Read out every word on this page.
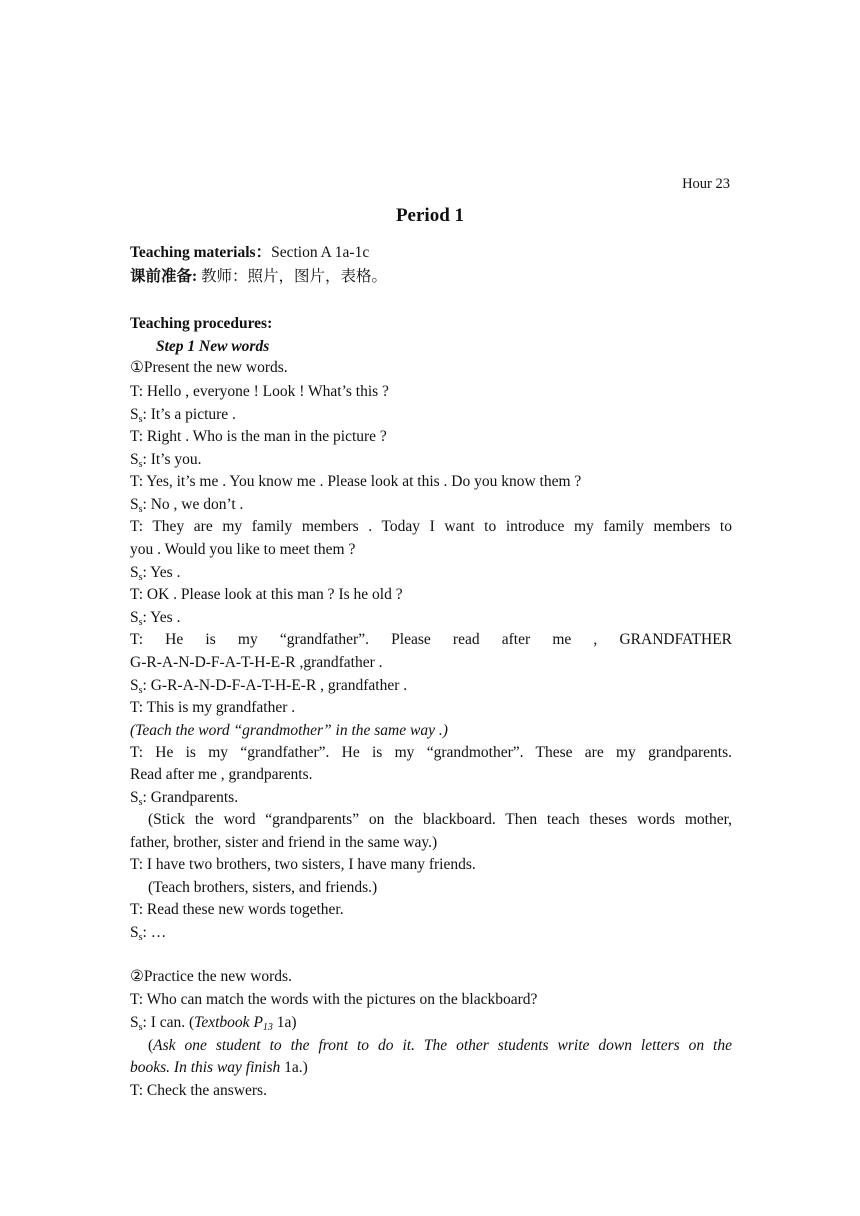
Hour 23
Period 1
Teaching materials：Section A 1a-1c
课前准备: 教师：照片，图片，表格。
Teaching procedures:
Step 1 New words
①Present the new words.
T: Hello , everyone ! Look ! What’s this ?
$S_s$: It’s a picture .
T: Right . Who is the man in the picture ?
$S_s$: It’s you.
T: Yes, it’s me . You know me . Please look at this . Do you know them ?
$S_s$: No , we don’t .
T: They are my family members . Today I want to introduce my family members to
you . Would you like to meet them ?
$S_s$: Yes .
T: OK . Please look at this man ? Is he old ?
$S_s$: Yes .
T: He is my “grandfather”. Please read after me , GRANDFATHER
G-R-A-N-D-F-A-T-H-E-R ,grandfather .
$S_s$: G-R-A-N-D-F-A-T-H-E-R , grandfather .
T: This is my grandfather .
(Teach the word “grandmother” in the same way .)
T: He is my “grandfather”. He is my “grandmother”. These are my grandparents.
Read after me , grandparents.
$S_s$: Grandparents.
(Stick the word “grandparents” on the blackboard. Then teach theses words mother,
father, brother, sister and friend in the same way.)
T: I have two brothers, two sisters, I have many friends.
(Teach brothers, sisters, and friends.)
T: Read these new words together.
$S_s$: …
②Practice the new words.
T: Who can match the words with the pictures on the blackboard?
$S_s$: I can. (Textbook $P_{13}$ 1a)
(Ask one student to the front to do it. The other students write down letters on the
books. In this way finish 1a.)
T: Check the answers.
